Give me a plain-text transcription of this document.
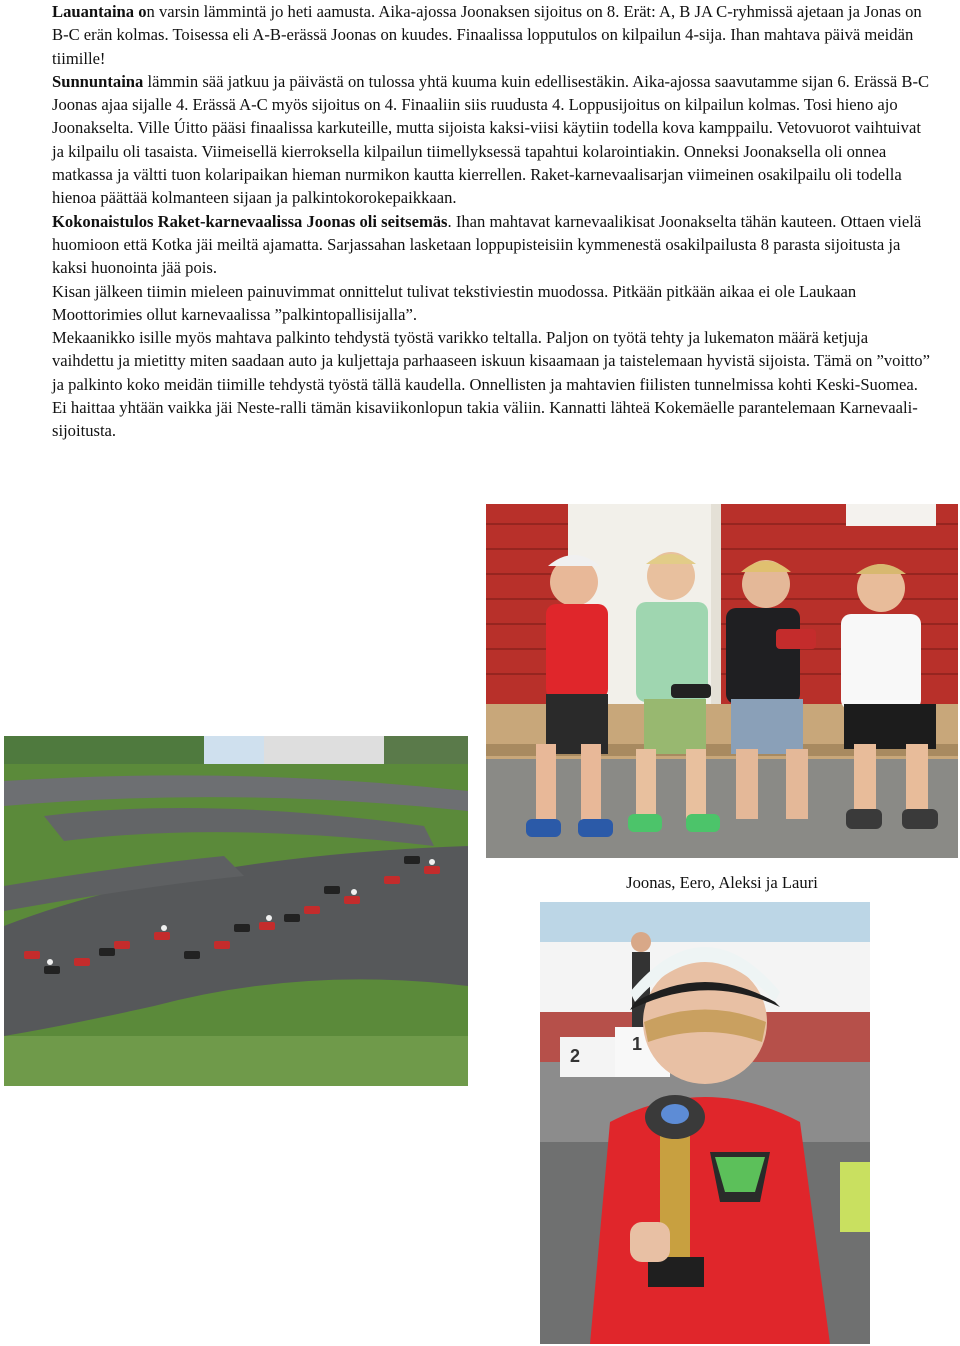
Lauantaina on varsin lämmintä jo heti aamusta. Aika-ajossa Joonaksen sijoitus on 8. Erät: A, B JA C-ryhmissä ajetaan ja Jonas on B-C erän kolmas. Toisessa eli A-B-erässä Joonas on kuudes. Finaalissa lopputulos on kilpailun 4-sija. Ihan mahtava päivä meidän tiimille!

Sunnuntaina lämmin sää jatkuu ja päivästä on tulossa yhtä kuuma kuin edellisestäkin. Aika-ajossa saavutamme sijan 6. Erässä B-C Joonas ajaa sijalle 4. Erässä A-C myös sijoitus on 4. Finaaliin siis ruudusta 4. Loppusijoitus on kilpailun kolmas. Tosi hieno ajo Joonakselta. Ville Úitto pääsi finaalissa karkuteille, mutta sijoista kaksi-viisi käytiin todella kova kamppailu. Vetovuorot vaihtuivat ja kilpailu oli tasaista. Viimeisellä kierroksella kilpailun tiimellyksessä tapahtui kolarointiakin. Onneksi Joonaksella oli onnea matkassa ja vältti tuon kolaripaikan hieman nurmikon kautta kierrellen. Raket-karnevaalisarjan viimeinen osakilpailu oli todella hienoa päättää kolmanteen sijaan ja palkintokorokepaikkaan.

Kokonaistulos Raket-karnevaalissa Joonas oli seitsemäs. Ihan mahtavat karnevaalikisat Joonakselta tähän kauteen. Ottaen vielä huomioon että Kotka jäi meiltä ajamatta. Sarjassahan lasketaan loppupisteisiin kymmenestä osakilpailusta 8 parasta sijoitusta ja kaksi huonointa jää pois.

Kisan jälkeen tiimin mieleen painuvimmat onnittelut tulivat tekstiviestin muodossa. Pitkään pitkään aikaa ei ole Laukaan Moottorimies ollut karnevaalissa ”palkintopallisijalla”.

Mekaanikko isille myös mahtava palkinto tehdystä työstä varikko teltalla. Paljon on työtä tehty ja lukematon määrä ketjuja vaihdettu ja mietitty miten saadaan auto ja kuljettaja parhaaseen iskuun kisaamaan ja taistelemaan hyvistä sijoista. Tämä on ”voitto” ja palkinto koko meidän tiimille tehdystä työstä tällä kaudella. Onnellisten ja mahtavien fiilisten tunnelmissa kohti Keski-Suomea. Ei haittaa yhtään vaikka jäi Neste-ralli tämän kisaviikonlopun takia väliin. Kannatti lähteä Kokemäelle parantelemaan Karnevaali-sijoitusta.

Joonas, Eero, Aleksi ja Lauri
2
1
